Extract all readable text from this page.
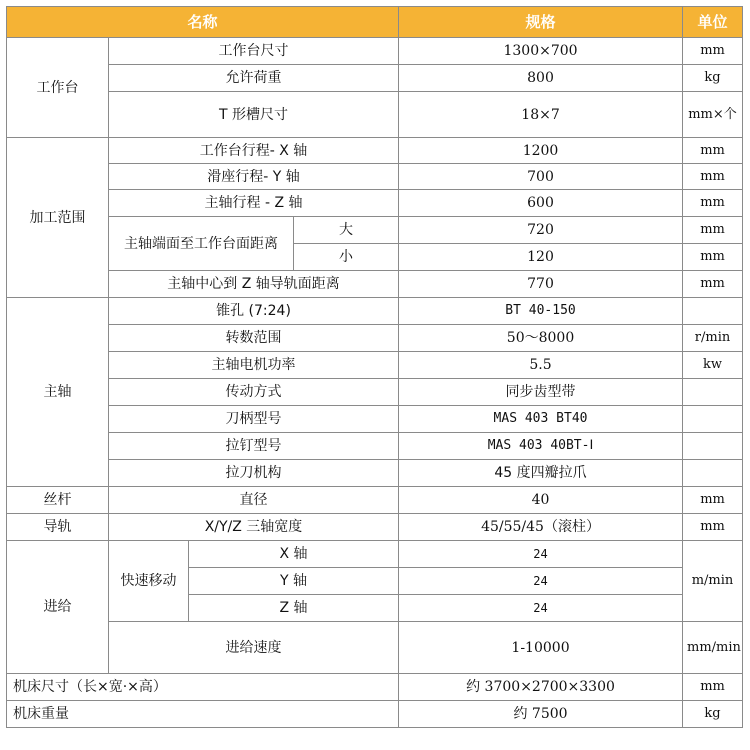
名称				规格	单位
工作台	工作台尺寸			1300×700	mm
	允许荷重			800	kg
	T 形槽尺寸			18×7	mm×个
加工范围	工作台行程- X 轴			1200	mm
	滑座行程- Y 轴			700	mm
	主轴行程 - Z 轴			600	mm
	主轴端面至工作台面距离		大	720	mm
			小	120	mm
	主轴中心到 Z 轴导轨面距离			770	mm
主轴	锥孔 (7:24)			BT 40-150	
	转数范围			50～8000	r/min
	主轴电机功率			5.5	kw
	传动方式			同步齿型带	
	刀柄型号			MAS 403 BT40	
	拉钉型号			MAS 403 40BT-Ⅰ	
	拉刀机构			45 度四瓣拉爪	
丝杆	直径			40	mm
导轨	X/Y/Z 三轴宽度			45/55/45（滚柱）	mm
进给	快速移动	X 轴		24	m/min
		Y 轴		24	
		Z 轴		24	
	进给速度			1-10000	mm/min
机床尺寸（长×宽·×高）				约 3700×2700×3300	mm
机床重量				约 7500	kg
